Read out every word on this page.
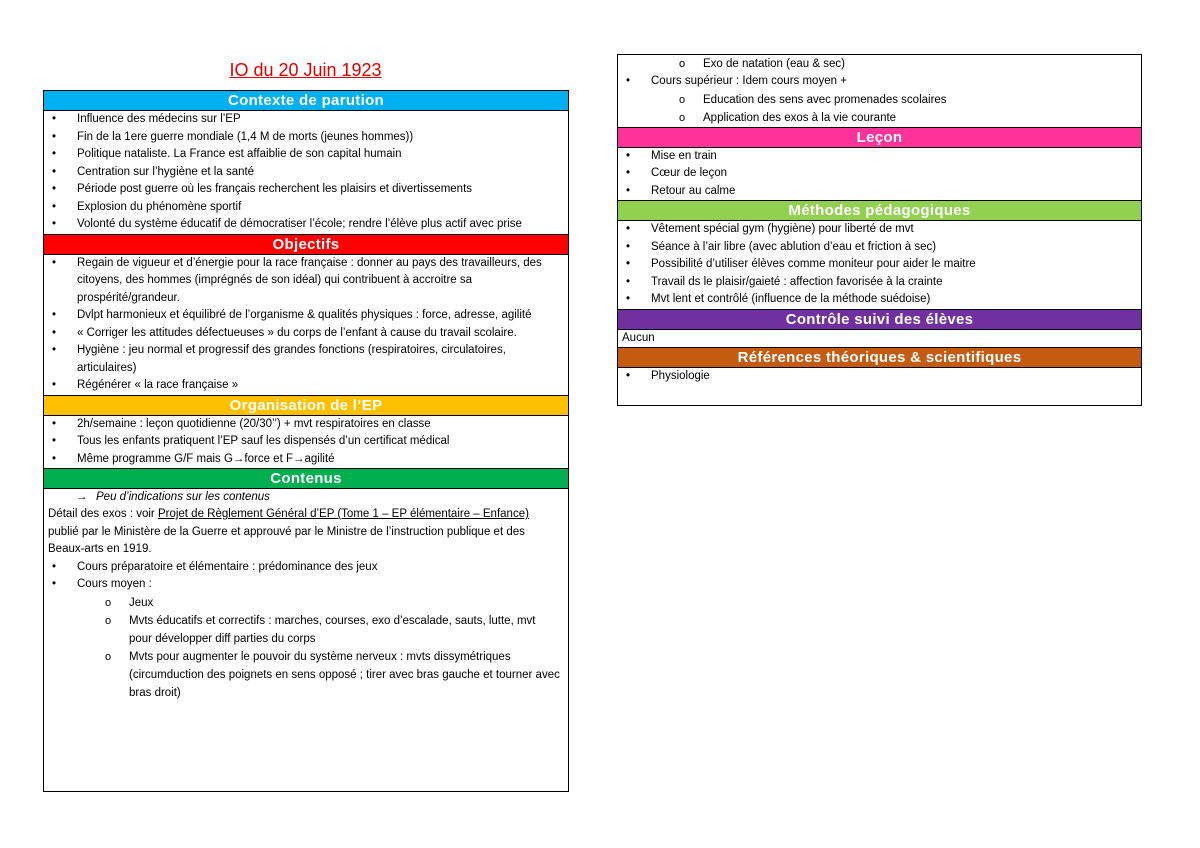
IO du 20 Juin 1923
Contexte de parution
• Influence des médecins sur l’EP
• Fin de la 1ere guerre mondiale (1,4 M de morts (jeunes hommes))
• Politique nataliste. La France est affaiblie de son capital humain
• Centration sur l’hygiène et la santé
• Période post guerre où les français recherchent les plaisirs et divertissements
• Explosion du phénomène sportif
• Volonté du système éducatif de démocratiser l’école; rendre l’élève plus actif avec prise
Objectifs
• Regain de vigueur et d’énergie pour la race française : donner au pays des travailleurs, des citoyens, des hommes (imprégnés de son idéal) qui contribuent à accroitre sa prospérité/grandeur.
• Dvlpt harmonieux et équilibré de l’organisme & qualités physiques : force, adresse, agilité
• « Corriger les attitudes défectueuses » du corps de l’enfant à cause du travail scolaire.
• Hygiène : jeu normal et progressif des grandes fonctions (respiratoires, circulatoires, articulaires)
• Régénérer « la race française »
Organisation de l’EP
• 2h/semaine : leçon quotidienne (20/30’’) + mvt respiratoires en classe
• Tous les enfants pratiquent l’EP sauf les dispensés d’un certificat médical
• Même programme G/F mais G→force et F→agilité
Contenus
→ Peu d’indications sur les contenus

Détail des exos : voir Projet de Règlement Général d’EP (Tome 1 – EP élémentaire – Enfance) publié par le Ministère de la Guerre et approuvé par le Ministre de l’instruction publique et des Beaux-arts en 1919.

• Cours préparatoire et élémentaire : prédominance des jeux
• Cours moyen :
o Jeux
o Mvts éducatifs et correctifs : marches, courses, exo d’escalade, sauts, lutte, mvt pour développer diff parties du corps
o Mvts pour augmenter le pouvoir du système nerveux : mvts dissymétriques (circumduction des poignets en sens opposé ; tirer avec bras gauche et tourner avec bras droit)
o Exo de natation (eau & sec)
• Cours supérieur : Idem cours moyen +
o Education des sens avec promenades scolaires
o Application des exos à la vie courante
Leçon
• Mise en train
• Cœur de leçon
• Retour au calme
Méthodes pédagogiques
• Vêtement spécial gym (hygiène) pour liberté de mvt
• Séance à l’air libre (avec ablution d’eau et friction à sec)
• Possibilité d’utiliser élèves comme moniteur pour aider le maitre
• Travail ds le plaisir/gaieté : affection favorisée à la crainte
• Mvt lent et contrôlé (influence de la méthode suédoise)
Contrôle suivi des élèves

Aucun

Références théoriques & scientifiques
• Physiologie
